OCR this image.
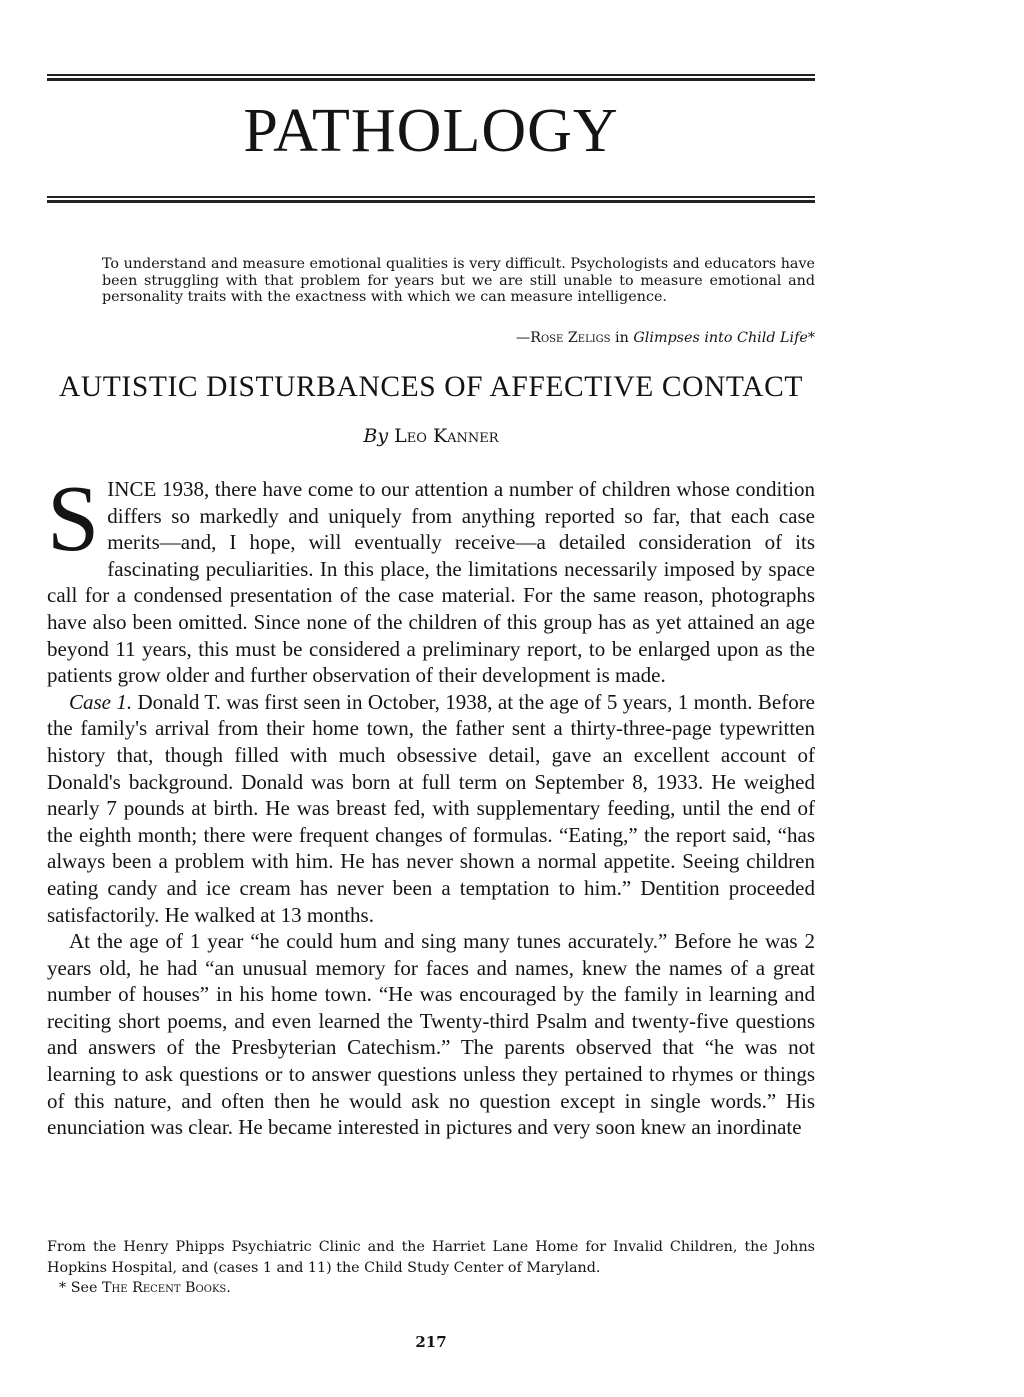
PATHOLOGY
To understand and measure emotional qualities is very difficult. Psychologists and educators have been struggling with that problem for years but we are still unable to measure emotional and personality traits with the exactness with which we can measure intelligence.
—Rose Zeligs in Glimpses into Child Life*
AUTISTIC DISTURBANCES OF AFFECTIVE CONTACT
By Leo Kanner

SINCE 1938, there have come to our attention a number of children whose condition differs so markedly and uniquely from anything reported so far, that each case merits—and, I hope, will eventually receive—a detailed consideration of its fascinating peculiarities. In this place, the limitations necessarily imposed by space call for a condensed presentation of the case material. For the same reason, photographs have also been omitted. Since none of the children of this group has as yet attained an age beyond 11 years, this must be considered a preliminary report, to be enlarged upon as the patients grow older and further observation of their development is made.

Case 1. Donald T. was first seen in October, 1938, at the age of 5 years, 1 month. Before the family's arrival from their home town, the father sent a thirty-three-page typewritten history that, though filled with much obsessive detail, gave an excellent account of Donald's background. Donald was born at full term on September 8, 1933. He weighed nearly 7 pounds at birth. He was breast fed, with supplementary feeding, until the end of the eighth month; there were frequent changes of formulas. “Eating,” the report said, “has always been a problem with him. He has never shown a normal appetite. Seeing children eating candy and ice cream has never been a temptation to him.” Dentition proceeded satisfactorily. He walked at 13 months.

At the age of 1 year “he could hum and sing many tunes accurately.” Before he was 2 years old, he had “an unusual memory for faces and names, knew the names of a great number of houses” in his home town. “He was encouraged by the family in learning and reciting short poems, and even learned the Twenty-third Psalm and twenty-five questions and answers of the Presbyterian Catechism.” The parents observed that “he was not learning to ask questions or to answer questions unless they pertained to rhymes or things of this nature, and often then he would ask no question except in single words.” His enunciation was clear. He became interested in pictures and very soon knew an inordinate

From the Henry Phipps Psychiatric Clinic and the Harriet Lane Home for Invalid Children, the Johns Hopkins Hospital, and (cases 1 and 11) the Child Study Center of Maryland.

* See The Recent Books.

217
